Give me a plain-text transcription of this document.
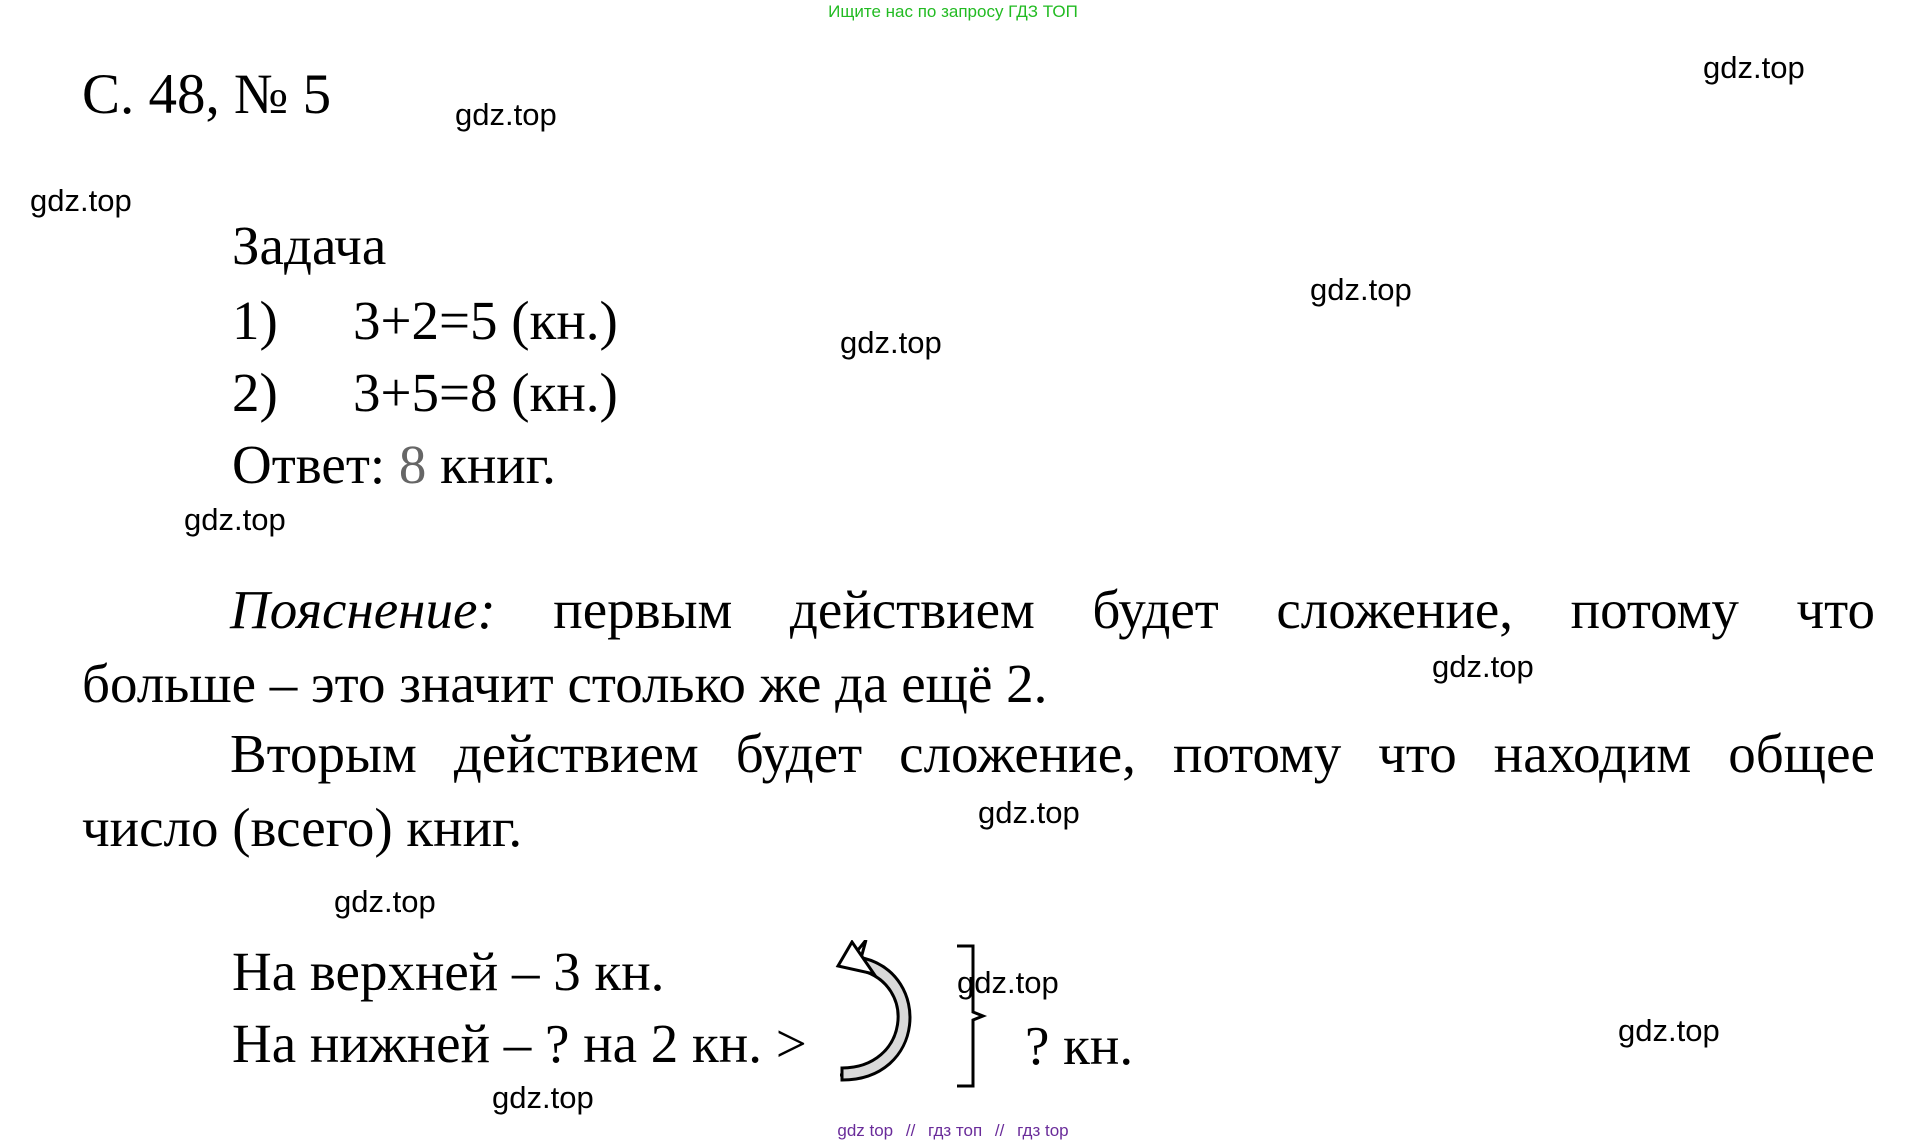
Ищите нас по запросу ГДЗ ТОП
С. 48, № 5	gdz.top
gdz.top
gdz.top
gdz.top
gdz.top
gdz.top
gdz.top
gdz.top
gdz.top
gdz.top
gdz.top
gdz.top
Задача
1) 3+2=5 (кн.)
2) 3+5=8 (кн.)
Ответ: 8 книг.
Пояснение: первым действием будет сложение, потому что
больше – это значит столько же да ещё 2.
Вторым действием будет сложение, потому что находим общее
число (всего) книг.
На верхней – 3 кн.
На нижней – ? на 2 кн. >	? кн.
gdz top // гдз топ // гдз top
